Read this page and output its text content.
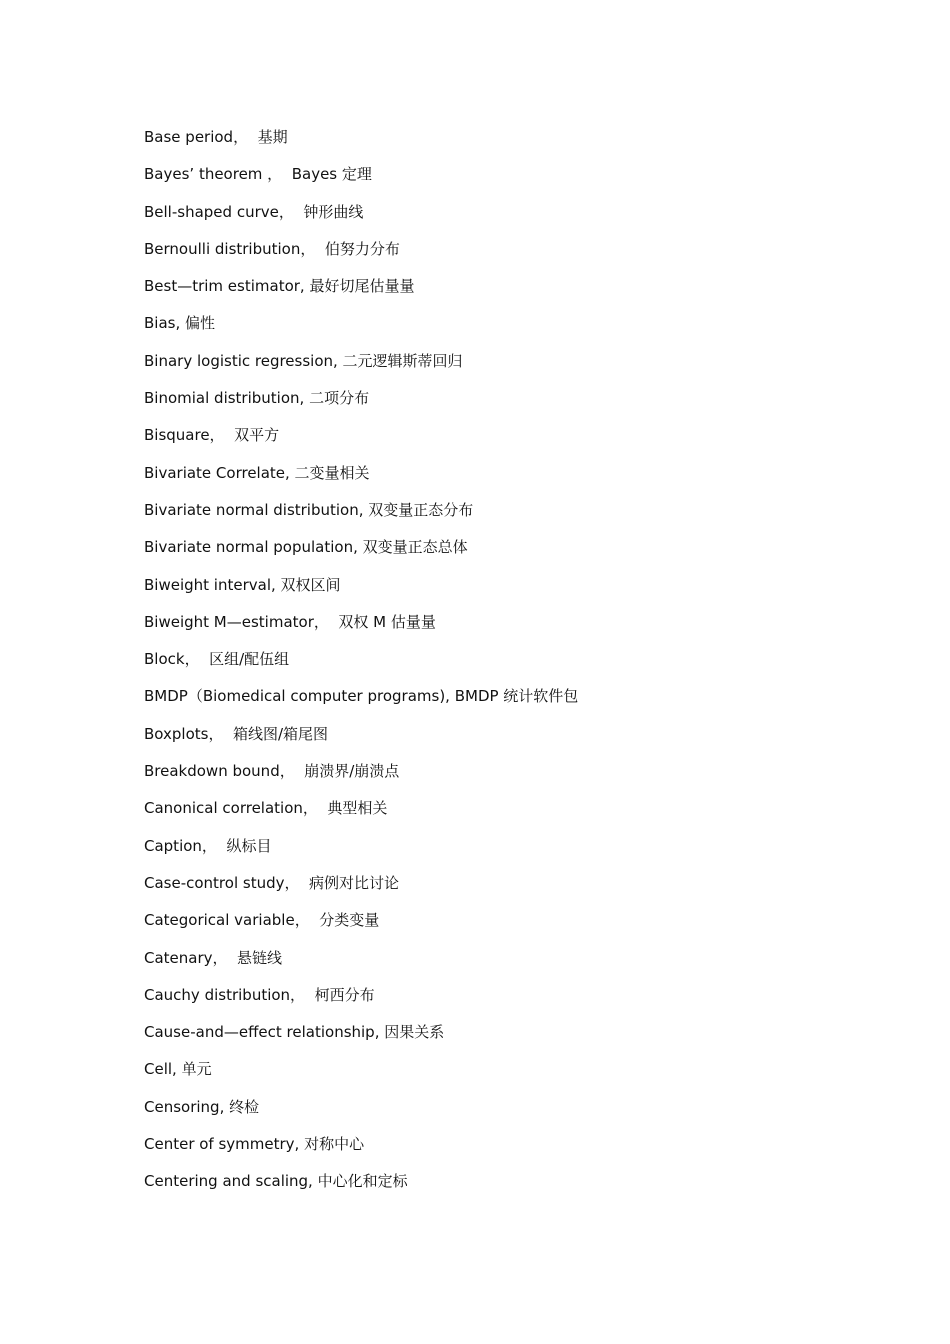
Base period，  基期
Bayes’ theorem ，  Bayes 定理
Bell-shaped curve，  钟形曲线
Bernoulli distribution，  伯努力分布
Best—trim estimator, 最好切尾估量量
Bias, 偏性
Binary logistic regression, 二元逻辑斯蒂回归
Binomial distribution, 二项分布
Bisquare，  双平方
Bivariate Correlate, 二变量相关
Bivariate normal distribution, 双变量正态分布
Bivariate normal population, 双变量正态总体
Biweight interval, 双权区间
Biweight M—estimator，  双权 M 估量量
Block，  区组/配伍组
BMDP（Biomedical computer programs), BMDP 统计软件包
Boxplots，  箱线图/箱尾图
Breakdown bound，  崩溃界/崩溃点
Canonical correlation，  典型相关
Caption，  纵标目
Case-control study，  病例对比讨论
Categorical variable，  分类变量
Catenary，  悬链线
Cauchy distribution，  柯西分布
Cause-and—effect relationship, 因果关系
Cell, 单元
Censoring, 终检
Center of symmetry, 对称中心
Centering and scaling, 中心化和定标
